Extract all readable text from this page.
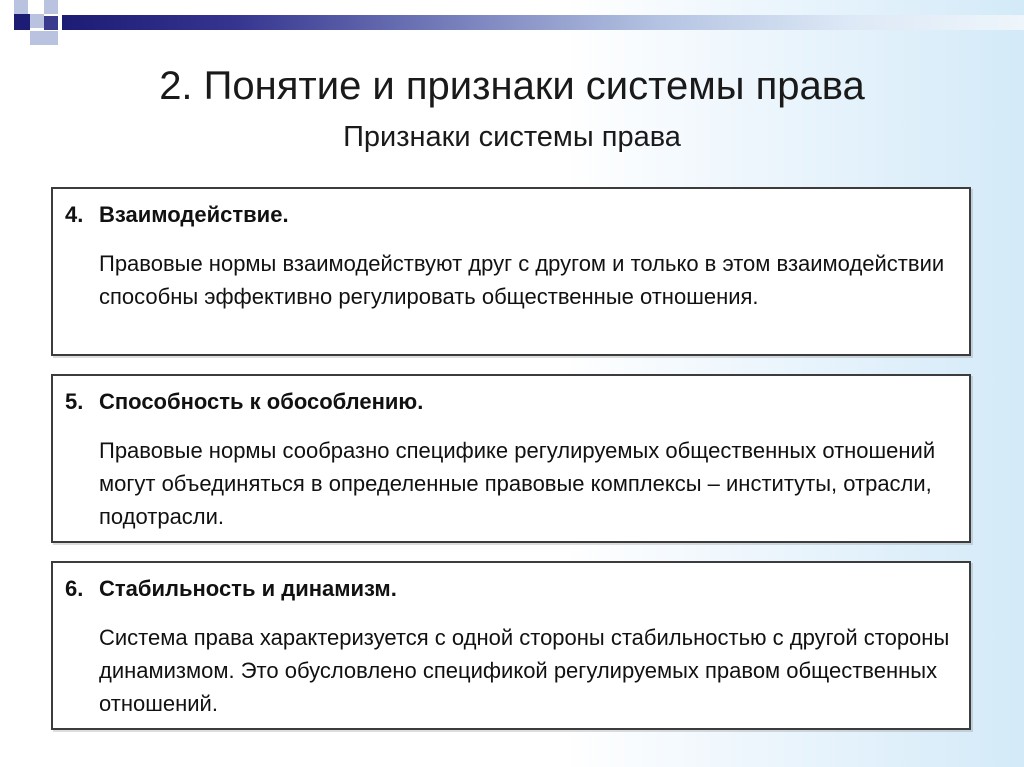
2. Понятие и признаки системы права
Признаки системы права
4. Взаимодействие.
Правовые нормы взаимодействуют друг с другом и только в этом взаимодействии способны эффективно регулировать общественные отношения.
5. Способность к обособлению.
Правовые нормы сообразно специфике регулируемых общественных отношений могут объединяться в определенные правовые комплексы – институты, отрасли, подотрасли.
6. Стабильность и динамизм.
Система права характеризуется с одной стороны стабильностью с другой стороны динамизмом. Это обусловлено спецификой регулируемых правом общественных отношений.
